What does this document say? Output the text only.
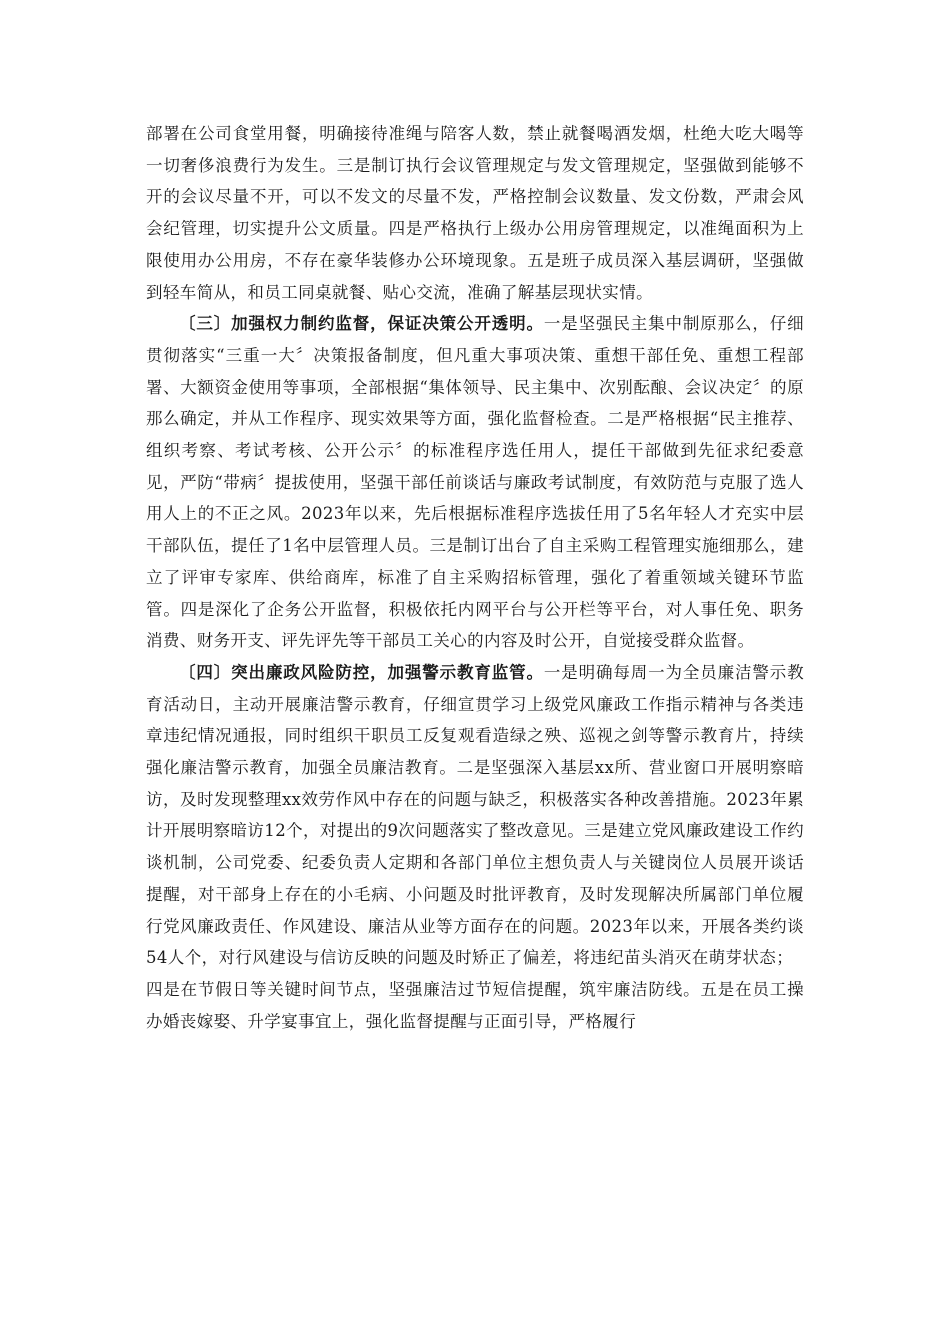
部署在公司食堂用餐，明确接待准绳与陪客人数，禁止就餐喝酒发烟，杜绝大吃大喝等一切奢侈浪费行为发生。三是制订执行会议管理规定与发文管理规定，坚强做到能够不开的会议尽量不开，可以不发文的尽量不发，严格控制会议数量、发文份数，严肃会风会纪管理，切实提升公文质量。四是严格执行上级办公用房管理规定，以准绳面积为上限使用办公用房，不存在豪华装修办公环境现象。五是班子成员深入基层调研，坚强做到轻车简从，和员工同桌就餐、贴心交流，准确了解基层现状实情。

〔三〕加强权力制约监督，保证决策公开透明。一是坚强民主集中制原那么，仔细贯彻落实“三重一大〞决策报备制度，但凡重大事项决策、重想干部任免、重想工程部署、大额资金使用等事项，全部根据“集体领导、民主集中、次别酝酿、会议决定〞的原那么确定，并从工作程序、现实效果等方面，强化监督检查。二是严格根据“民主推荐、组织考察、考试考核、公开公示〞的标准程序选任用人，提任干部做到先征求纪委意见，严防“带病〞提拔使用，坚强干部任前谈话与廉政考试制度，有效防范与克服了选人用人上的不正之风。2023年以来，先后根据标准程序选拔任用了5名年轻人才充实中层干部队伍，提任了1名中层管理人员。三是制订出台了自主采购工程管理实施细那么，建立了评审专家库、供给商库，标准了自主采购招标管理，强化了着重领域关键环节监管。四是深化了企务公开监督，积极依托内网平台与公开栏等平台，对人事任免、职务消费、财务开支、评先评先等干部员工关心的内容及时公开，自觉接受群众监督。

〔四〕突出廉政风险防控，加强警示教育监管。一是明确每周一为全员廉洁警示教育活动日，主动开展廉洁警示教育，仔细宣贯学习上级党风廉政工作指示精神与各类违章违纪情况通报，同时组织干职员工反复观看造绿之殃、巡视之剑等警示教育片，持续强化廉洁警示教育，加强全员廉洁教育。二是坚强深入基层xx所、营业窗口开展明察暗访，及时发现整理xx效劳作风中存在的问题与缺乏，积极落实各种改善措施。2023年累计开展明察暗访12个，对提出的9次问题落实了整改意见。三是建立党风廉政建设工作约谈机制，公司党委、纪委负责人定期和各部门单位主想负责人与关键岗位人员展开谈话提醒，对干部身上存在的小毛病、小问题及时批评教育，及时发现解决所属部门单位履行党风廉政责任、作风建设、廉洁从业等方面存在的问题。2023年以来，开展各类约谈54人个，对行风建设与信访反映的问题及时矫正了偏差，将违纪苗头消灭在萌芽状态；

四是在节假日等关键时间节点，坚强廉洁过节短信提醒，筑牢廉洁防线。五是在员工操办婚丧嫁娶、升学宴事宜上，强化监督提醒与正面引导，严格履行
